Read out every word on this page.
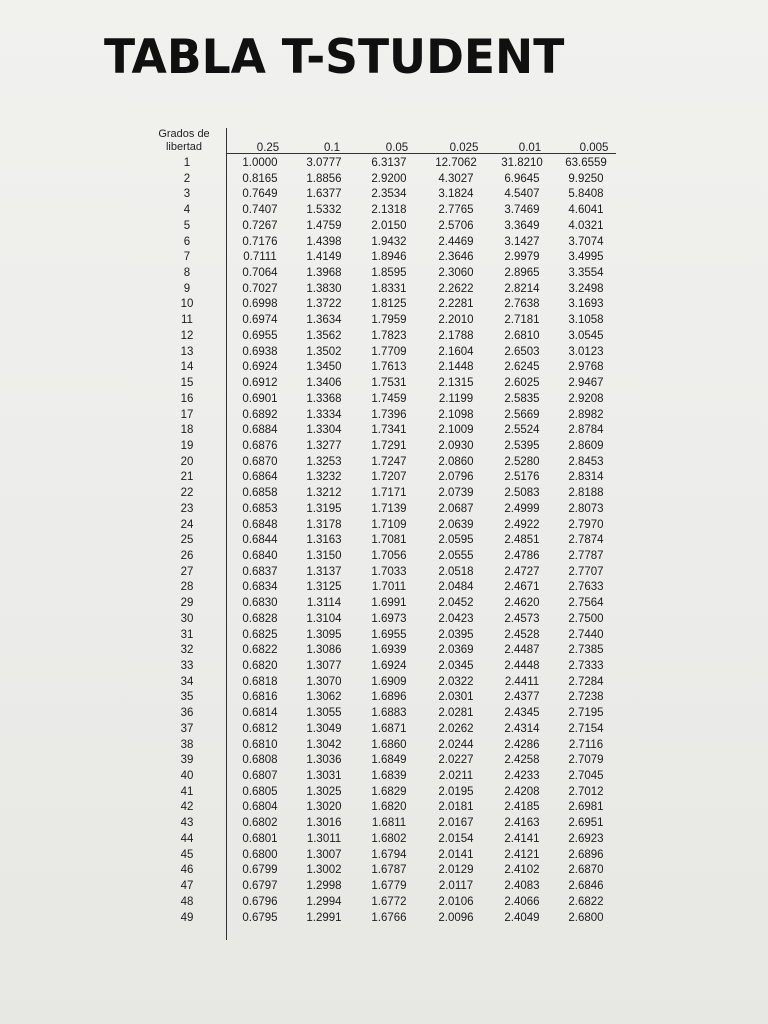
TABLA T-STUDENT
Grados de
libertad	0.25	0.1	0.05	0.025	0.01	0.005
1	1.0000	3.0777	6.3137	12.7062	31.8210	63.6559
2	0.8165	1.8856	2.9200	4.3027	6.9645	9.9250
3	0.7649	1.6377	2.3534	3.1824	4.5407	5.8408
4	0.7407	1.5332	2.1318	2.7765	3.7469	4.6041
5	0.7267	1.4759	2.0150	2.5706	3.3649	4.0321
6	0.7176	1.4398	1.9432	2.4469	3.1427	3.7074
7	0.7111	1.4149	1.8946	2.3646	2.9979	3.4995
8	0.7064	1.3968	1.8595	2.3060	2.8965	3.3554
9	0.7027	1.3830	1.8331	2.2622	2.8214	3.2498
10	0.6998	1.3722	1.8125	2.2281	2.7638	3.1693
11	0.6974	1.3634	1.7959	2.2010	2.7181	3.1058
12	0.6955	1.3562	1.7823	2.1788	2.6810	3.0545
13	0.6938	1.3502	1.7709	2.1604	2.6503	3.0123
14	0.6924	1.3450	1.7613	2.1448	2.6245	2.9768
15	0.6912	1.3406	1.7531	2.1315	2.6025	2.9467
16	0.6901	1.3368	1.7459	2.1199	2.5835	2.9208
17	0.6892	1.3334	1.7396	2.1098	2.5669	2.8982
18	0.6884	1.3304	1.7341	2.1009	2.5524	2.8784
19	0.6876	1.3277	1.7291	2.0930	2.5395	2.8609
20	0.6870	1.3253	1.7247	2.0860	2.5280	2.8453
21	0.6864	1.3232	1.7207	2.0796	2.5176	2.8314
22	0.6858	1.3212	1.7171	2.0739	2.5083	2.8188
23	0.6853	1.3195	1.7139	2.0687	2.4999	2.8073
24	0.6848	1.3178	1.7109	2.0639	2.4922	2.7970
25	0.6844	1.3163	1.7081	2.0595	2.4851	2.7874
26	0.6840	1.3150	1.7056	2.0555	2.4786	2.7787
27	0.6837	1.3137	1.7033	2.0518	2.4727	2.7707
28	0.6834	1.3125	1.7011	2.0484	2.4671	2.7633
29	0.6830	1.3114	1.6991	2.0452	2.4620	2.7564
30	0.6828	1.3104	1.6973	2.0423	2.4573	2.7500
31	0.6825	1.3095	1.6955	2.0395	2.4528	2.7440
32	0.6822	1.3086	1.6939	2.0369	2.4487	2.7385
33	0.6820	1.3077	1.6924	2.0345	2.4448	2.7333
34	0.6818	1.3070	1.6909	2.0322	2.4411	2.7284
35	0.6816	1.3062	1.6896	2.0301	2.4377	2.7238
36	0.6814	1.3055	1.6883	2.0281	2.4345	2.7195
37	0.6812	1.3049	1.6871	2.0262	2.4314	2.7154
38	0.6810	1.3042	1.6860	2.0244	2.4286	2.7116
39	0.6808	1.3036	1.6849	2.0227	2.4258	2.7079
40	0.6807	1.3031	1.6839	2.0211	2.4233	2.7045
41	0.6805	1.3025	1.6829	2.0195	2.4208	2.7012
42	0.6804	1.3020	1.6820	2.0181	2.4185	2.6981
43	0.6802	1.3016	1.6811	2.0167	2.4163	2.6951
44	0.6801	1.3011	1.6802	2.0154	2.4141	2.6923
45	0.6800	1.3007	1.6794	2.0141	2.4121	2.6896
46	0.6799	1.3002	1.6787	2.0129	2.4102	2.6870
47	0.6797	1.2998	1.6779	2.0117	2.4083	2.6846
48	0.6796	1.2994	1.6772	2.0106	2.4066	2.6822
49	0.6795	1.2991	1.6766	2.0096	2.4049	2.6800
